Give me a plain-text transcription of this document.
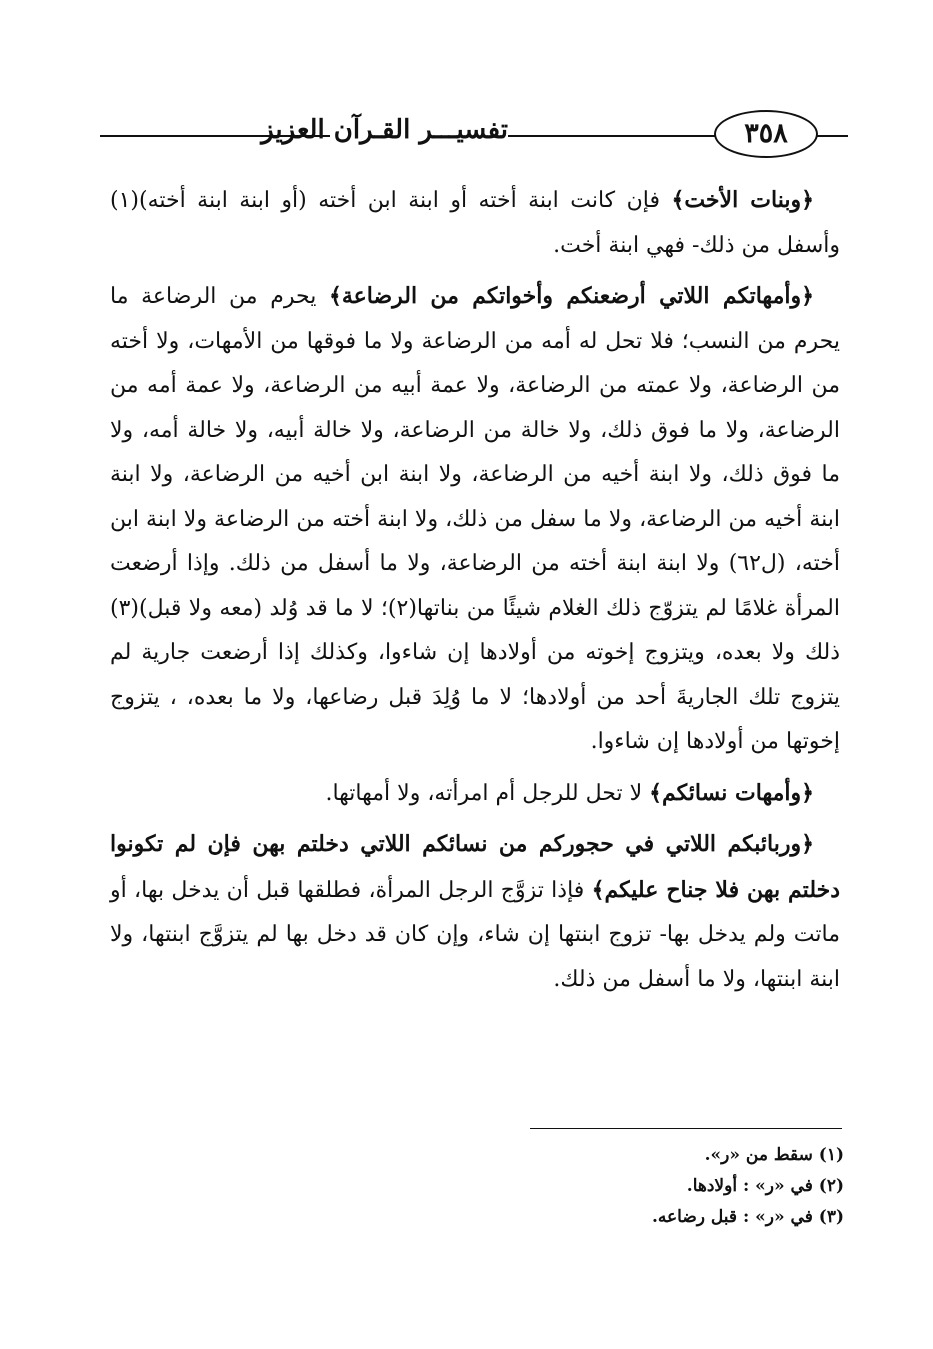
تفسيـــر القـرآن العزيز	٣٥٨

﴿وبنات الأخت﴾ فإن كانت ابنة أخته أو ابنة ابن أخته (أو ابنة ابنة أخته)(١) وأسفل من ذلك- فهي ابنة أخت.

﴿وأمهاتكم اللاتي أرضعنكم وأخواتكم من الرضاعة﴾ يحرم من الرضاعة ما يحرم من النسب؛ فلا تحل له أمه من الرضاعة ولا ما فوقها من الأمهات، ولا أخته من الرضاعة، ولا عمته من الرضاعة، ولا عمة أبيه من الرضاعة، ولا عمة أمه من الرضاعة، ولا ما فوق ذلك، ولا خالة من الرضاعة، ولا خالة أبيه، ولا خالة أمه، ولا ما فوق ذلك، ولا ابنة أخيه من الرضاعة، ولا ابنة ابن أخيه من الرضاعة، ولا ابنة ابنة أخيه من الرضاعة، ولا ما سفل من ذلك، ولا ابنة أخته من الرضاعة ولا ابنة ابن أخته، (ل٦٢) ولا ابنة ابنة أخته من الرضاعة، ولا ما أسفل من ذلك. وإذا أرضعت المرأة غلامًا لم يتزوّج ذلك الغلام شيئًا من بناتها(٢)؛ لا ما قد وُلد (معه ولا قبل)(٣) ذلك ولا بعده، ويتزوج إخوته من أولادها إن شاءوا، وكذلك إذا أرضعت جارية لم يتزوج تلك الجاريةَ أحد من أولادها؛ لا ما وُلِدَ قبل رضاعها، ولا ما بعده، ، يتزوج إخوتها من أولادها إن شاءوا.

﴿وأمهات نسائكم﴾ لا تحل للرجل أم امرأته، ولا أمهاتها.

﴿وربائبكم اللاتي في حجوركم من نسائكم اللاتي دخلتم بهن فإن لم تكونوا دخلتم بهن فلا جناح عليكم﴾ فإذا تزوَّج الرجل المرأة، فطلقها قبل أن يدخل بها، أو ماتت ولم يدخل بها- تزوج ابنتها إن شاء، وإن كان قد دخل بها لم يتزوَّج ابنتها، ولا ابنة ابنتها، ولا ما أسفل من ذلك.

(١) سقط من «ر».
(٢) في «ر» : أولادها.
(٣) في «ر» : قبل رضاعه.
